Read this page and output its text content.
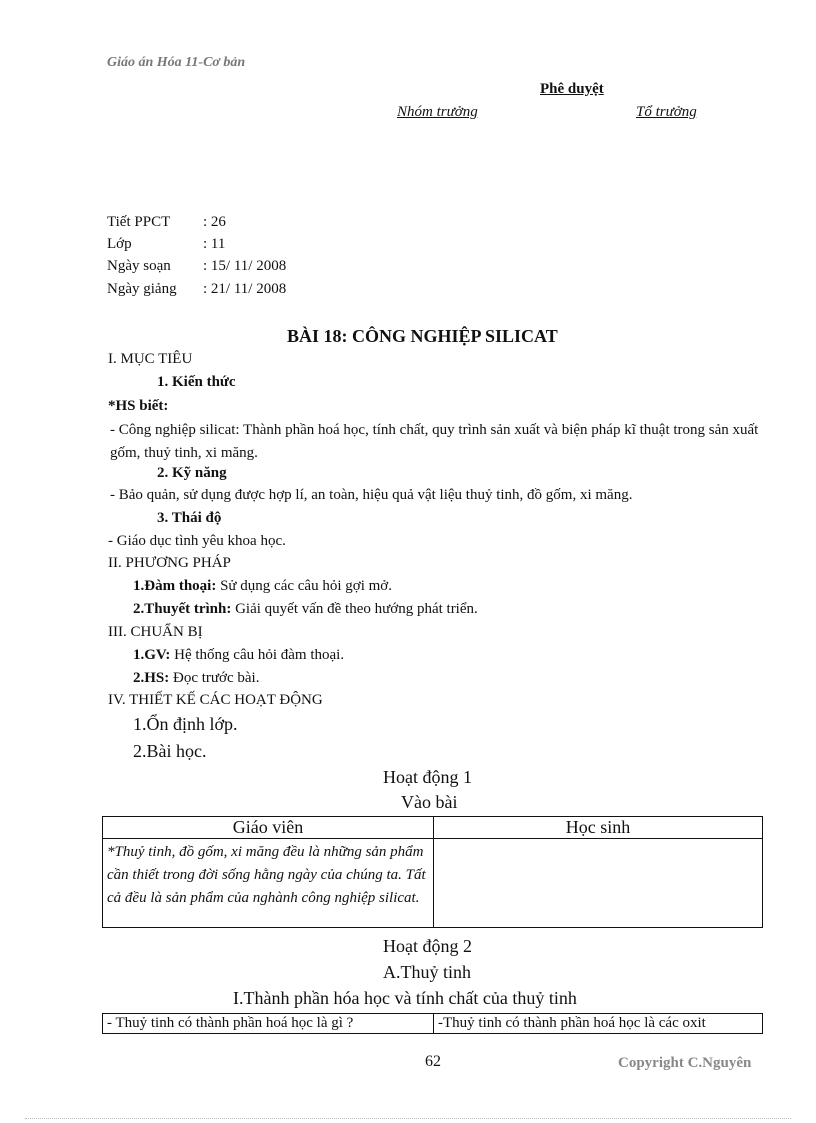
Giáo án Hóa 11-Cơ bản
Phê duyệt
Nhóm trưởng	Tổ trưởng
Tiết PPCT : 26
Lớp	: 11
Ngày soạn : 15/ 11/ 2008
Ngày giảng : 21/ 11/ 2008
BÀI 18: CÔNG NGHIỆP SILICAT
I. MỤC TIÊU
1. Kiến thức
*HS biết:
- Công nghiệp silicat: Thành phần hoá học, tính chất, quy trình sản xuất và biện pháp kĩ thuật trong sản xuất gốm, thuỷ tinh, xi măng.
2. Kỹ năng
- Bảo quản, sử dụng được hợp lí, an toàn, hiệu quả vật liệu thuỷ tinh, đồ gốm, xi măng.
3. Thái độ
- Giáo dục tình yêu khoa học.
II. PHƯƠNG PHÁP
1.Đàm thoại: Sử dụng các câu hỏi gợi mở.
2.Thuyết trình: Giải quyết vấn đề theo hướng phát triển.
III. CHUẨN BỊ
1.GV: Hệ thống câu hỏi đàm thoại.
2.HS: Đọc trước bài.
IV. THIẾT KẾ CÁC HOẠT ĐỘNG
1.Ổn định lớp.
2.Bài học.
Hoạt động 1
Vào bài
Giáo viên	Học sinh
*Thuỷ tinh, đồ gốm, xi măng đều là những sản phẩm cần thiết trong đời sống hằng ngày của chúng ta. Tất cả đều là sản phẩm của nghành công nghiệp silicat.	
Hoạt động 2
A.Thuỷ tinh
I.Thành phần hóa học và tính chất của thuỷ tinh
- Thuỷ tinh có thành phần hoá học là gì ?	-Thuỷ tinh có thành phần hoá học là các oxit
62	Copyright C.Nguyên
